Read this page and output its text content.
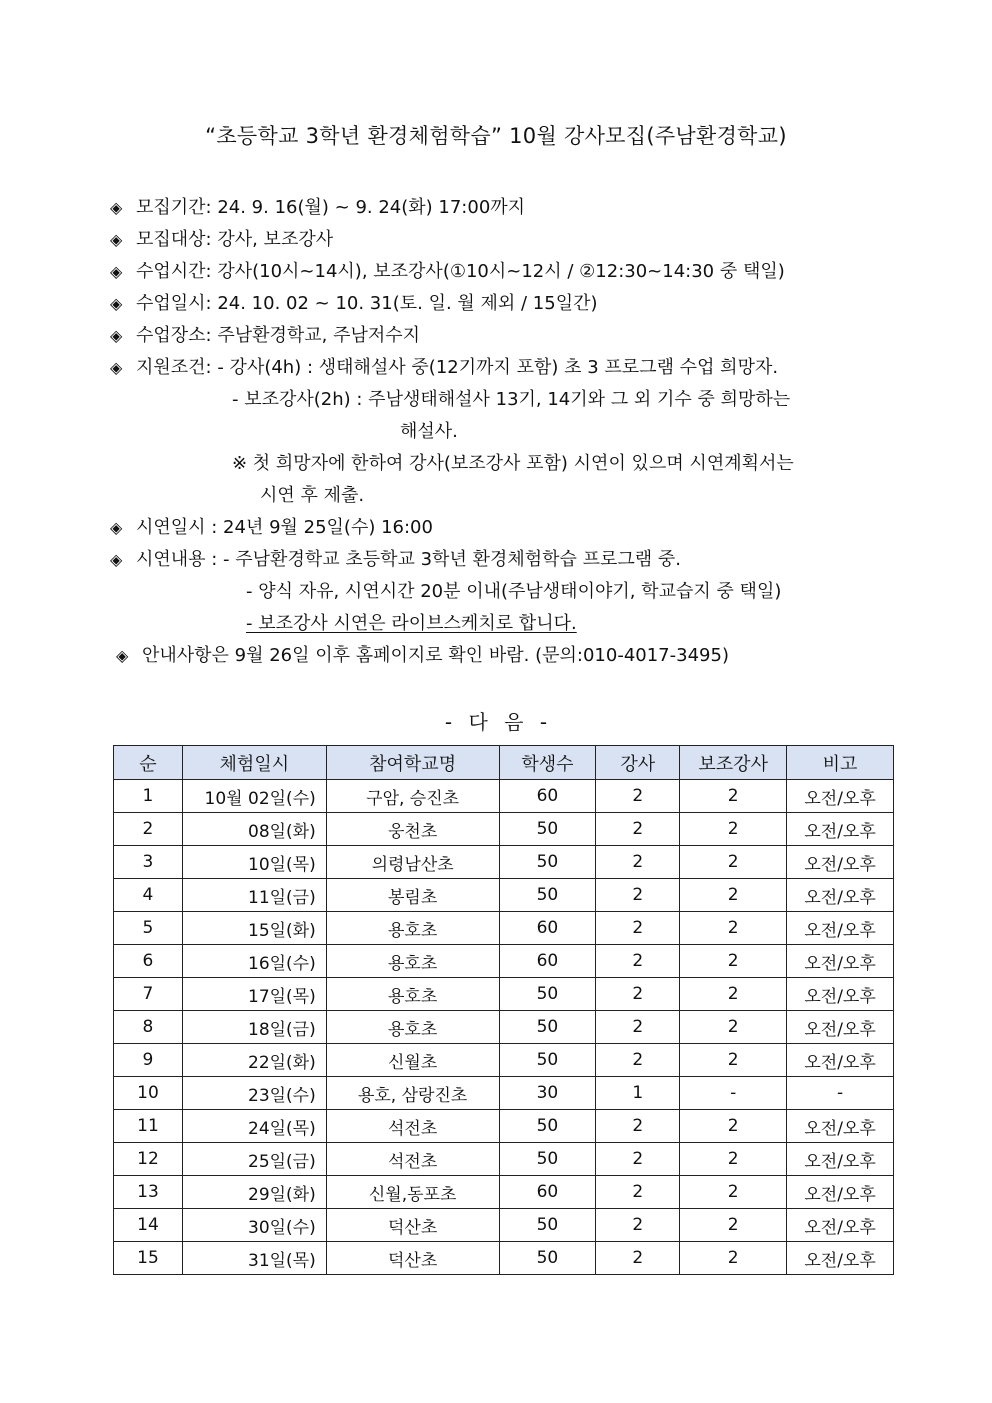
“초등학교 3학년 환경체험학습” 10월 강사모집(주남환경학교)
◈ 모집기간: 24. 9. 16(월) ~ 9. 24(화) 17:00까지
◈ 모집대상: 강사, 보조강사
◈ 수업시간: 강사(10시~14시), 보조강사(①10시~12시 / ②12:30~14:30 중 택일)
◈ 수업일시: 24. 10. 02 ~ 10. 31(토. 일. 월 제외 / 15일간)
◈ 수업장소: 주남환경학교, 주남저수지
◈ 지원조건: - 강사(4h) : 생태해설사 중(12기까지 포함) 초 3 프로그램 수업 희망자.
- 보조강사(2h) : 주남생태해설사 13기, 14기와 그 외 기수 중 희망하는
해설사.
※ 첫 희망자에 한하여 강사(보조강사 포함) 시연이 있으며 시연계획서는
시연 후 제출.
◈ 시연일시 : 24년 9월 25일(수) 16:00
◈ 시연내용 : - 주남환경학교 초등학교 3학년 환경체험학습 프로그램 중.
- 양식 자유, 시연시간 20분 이내(주남생태이야기, 학교습지 중 택일)
- 보조강사 시연은 라이브스케치로 합니다.
◈ 안내사항은 9월 26일 이후 홈페이지로 확인 바람. (문의:010-4017-3495)
- 다 음 -
순	체험일시	참여학교명	학생수	강사	보조강사	비고
1	10월 02일(수)	구암, 승진초	60	2	2	오전/오후
2	08일(화)	웅천초	50	2	2	오전/오후
3	10일(목)	의령남산초	50	2	2	오전/오후
4	11일(금)	봉림초	50	2	2	오전/오후
5	15일(화)	용호초	60	2	2	오전/오후
6	16일(수)	용호초	60	2	2	오전/오후
7	17일(목)	용호초	50	2	2	오전/오후
8	18일(금)	용호초	50	2	2	오전/오후
9	22일(화)	신월초	50	2	2	오전/오후
10	23일(수)	용호, 삼랑진초	30	1	-	-
11	24일(목)	석전초	50	2	2	오전/오후
12	25일(금)	석전초	50	2	2	오전/오후
13	29일(화)	신월,동포초	60	2	2	오전/오후
14	30일(수)	덕산초	50	2	2	오전/오후
15	31일(목)	덕산초	50	2	2	오전/오후
